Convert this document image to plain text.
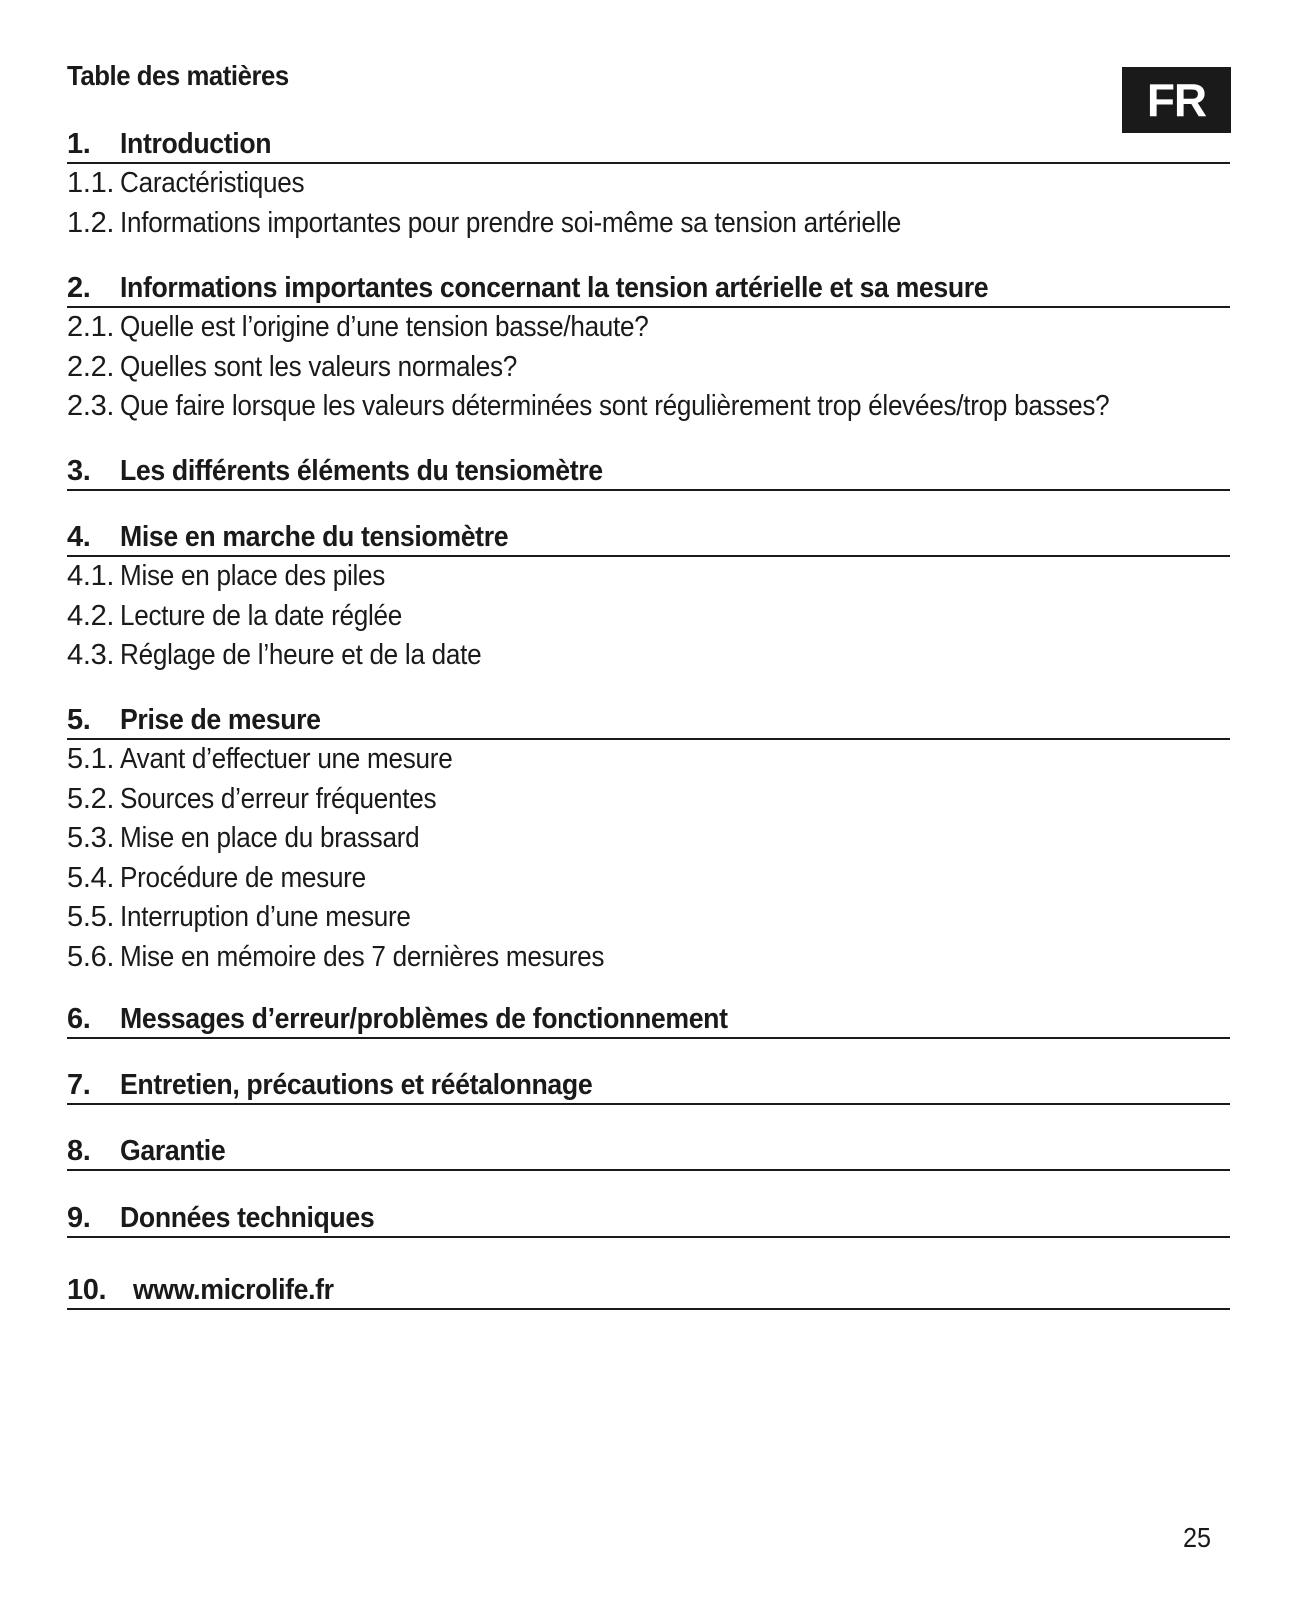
Table des matières	FR
1.	Introduction
1.1. Caractéristiques
1.2. Informations importantes pour prendre soi-même sa tension artérielle
2.	Informations importantes concernant la tension artérielle et sa mesure
2.1. Quelle est l’origine d’une tension basse/haute?
2.2. Quelles sont les valeurs normales?
2.3. Que faire lorsque les valeurs déterminées sont régulièrement trop élevées/trop basses?
3.	Les différents éléments du tensiomètre
4.	Mise en marche du tensiomètre
4.1. Mise en place des piles
4.2. Lecture de la date réglée
4.3. Réglage de l’heure et de la date
5.	Prise de mesure
5.1. Avant d’effectuer une mesure
5.2. Sources d’erreur fréquentes
5.3. Mise en place du brassard
5.4. Procédure de mesure
5.5. Interruption d’une mesure
5.6. Mise en mémoire des 7 dernières mesures
6.	Messages d’erreur/problèmes de fonctionnement
7.	Entretien, précautions et réétalonnage
8.	Garantie
9.	Données techniques
10. www.microlife.fr
25
